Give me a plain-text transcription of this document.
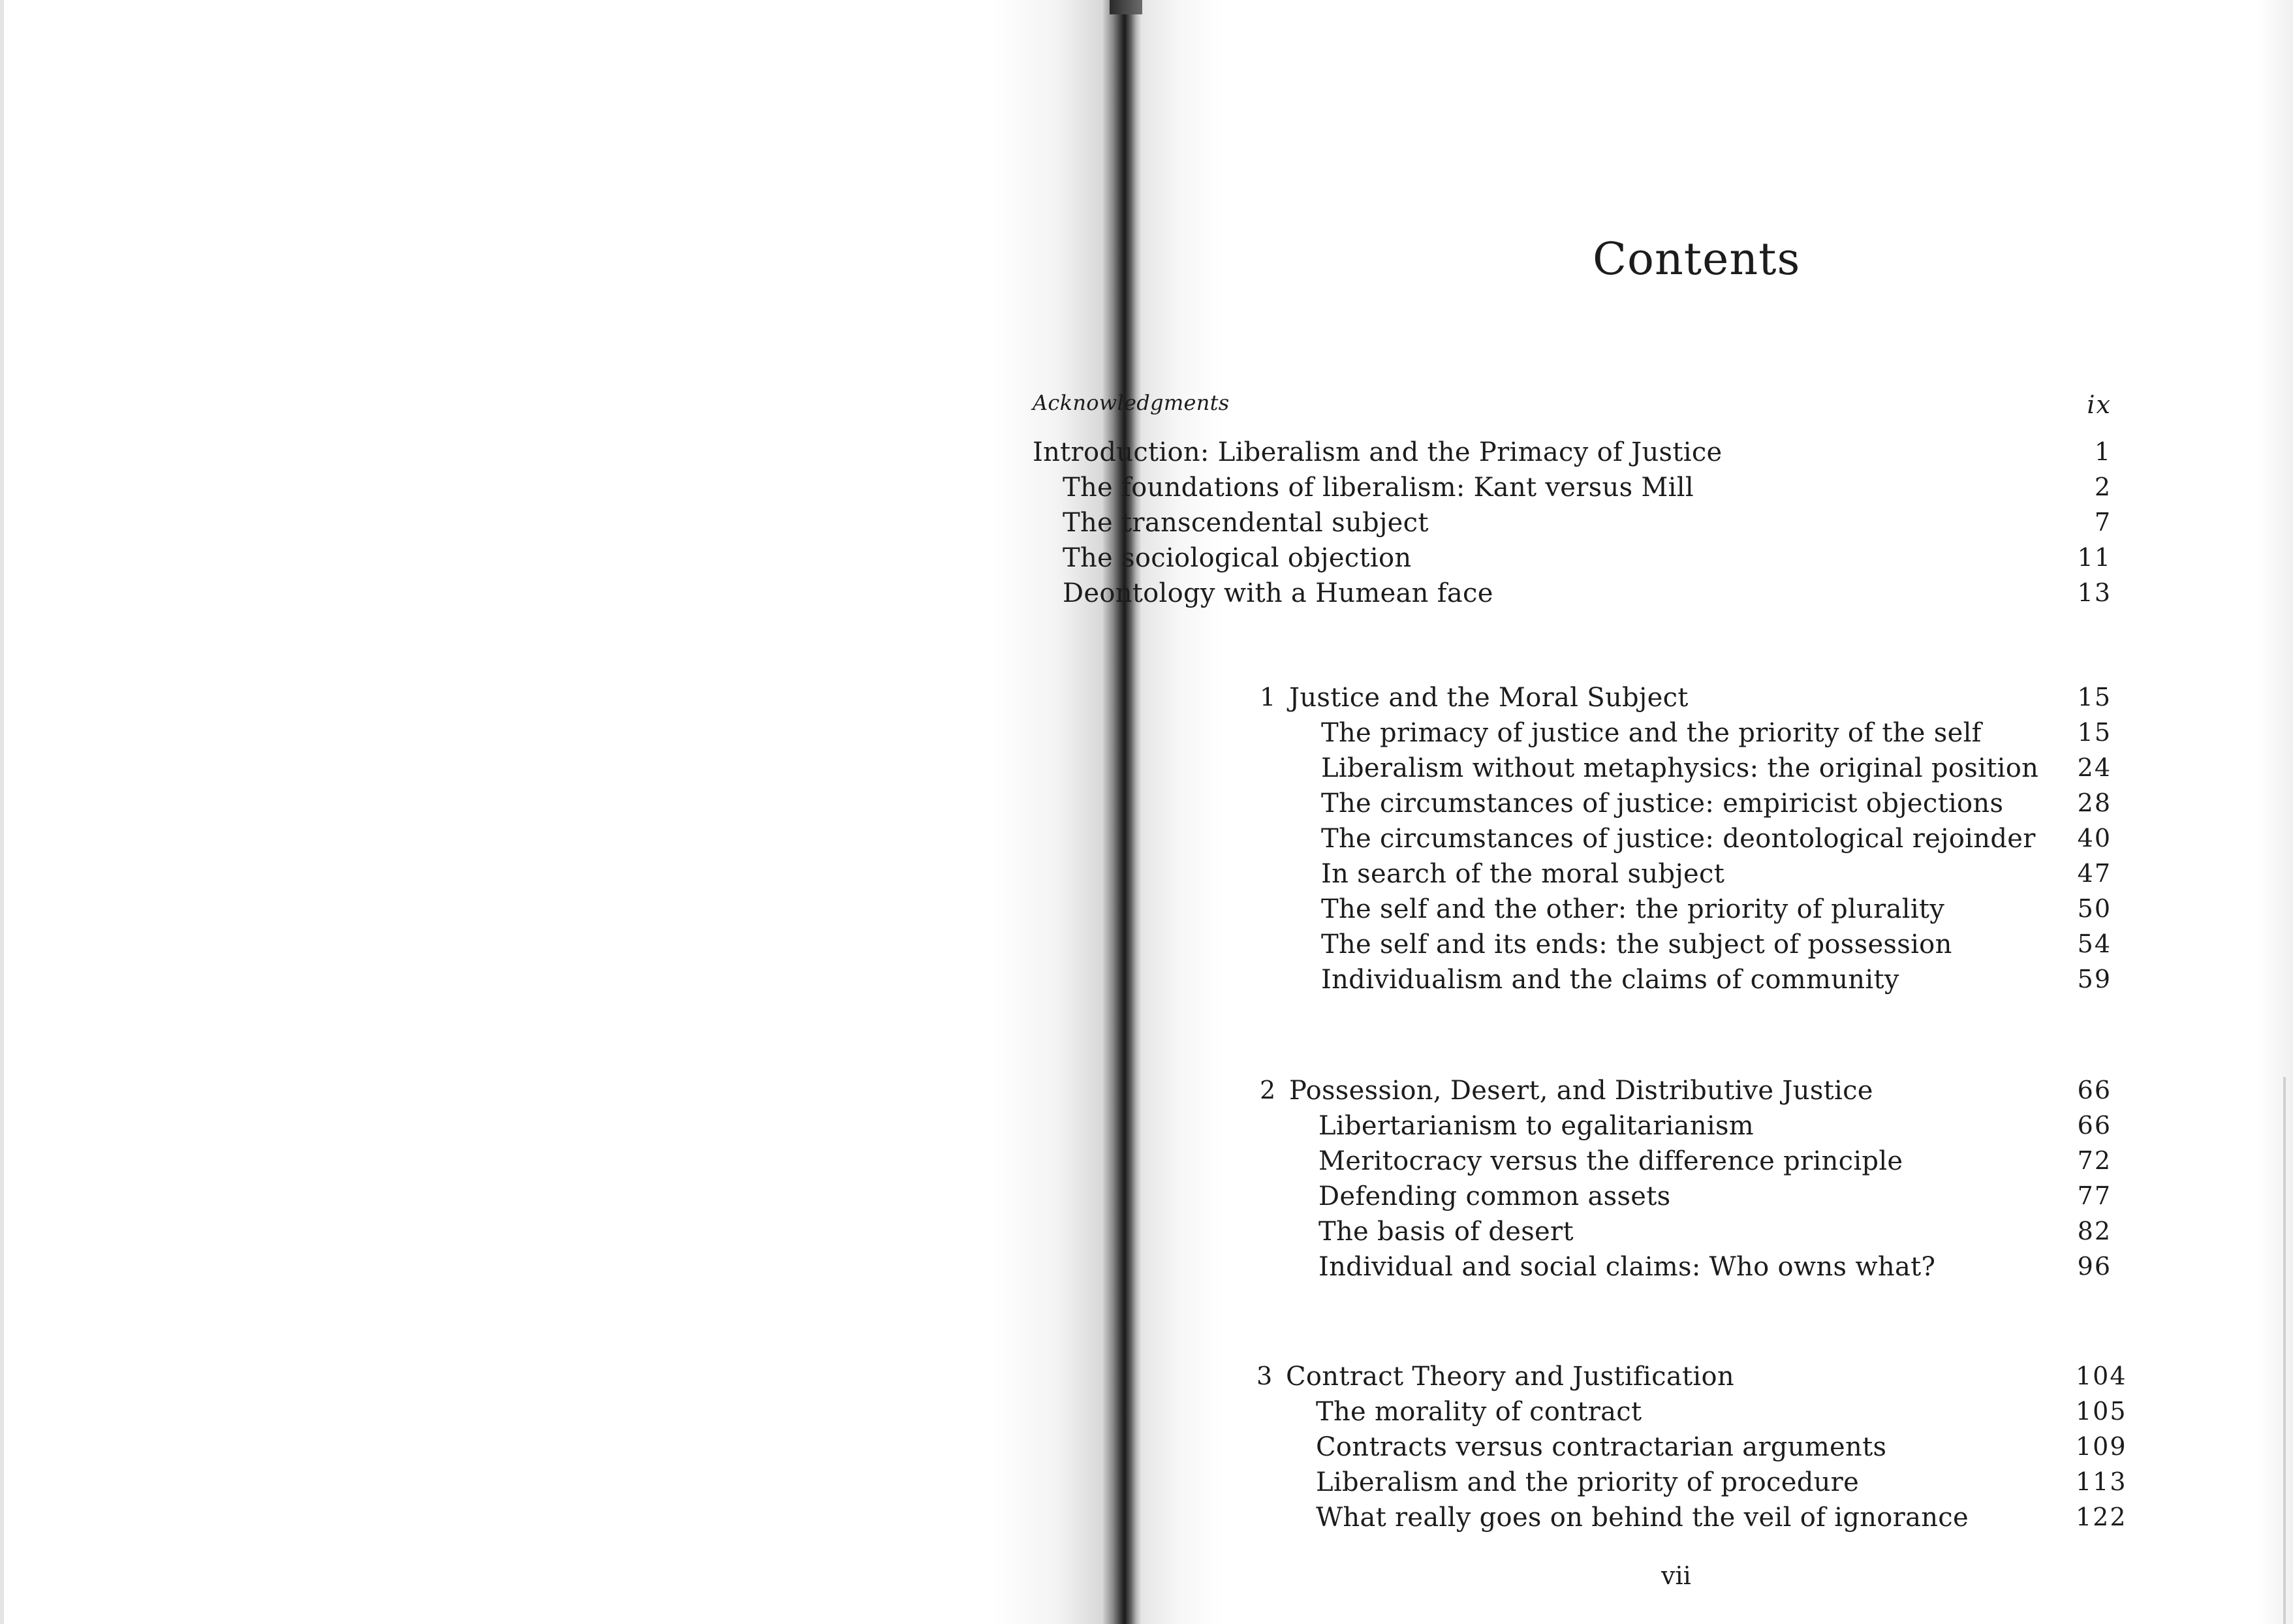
Contents
Acknowledgments	ix
Introduction: Liberalism and the Primacy of Justice	1
The foundations of liberalism: Kant versus Mill	2
The transcendental subject	7
The sociological objection	11
Deontology with a Humean face	13
1 Justice and the Moral Subject	15
The primacy of justice and the priority of the self	15
Liberalism without metaphysics: the original position 24
The circumstances of justice: empiricist objections	28
The circumstances of justice: deontological rejoinder 40
In search of the moral subject	47
The self and the other: the priority of plurality	50
The self and its ends: the subject of possession	54
Individualism and the claims of community	59
2 Possession, Desert, and Distributive Justice	66
Libertarianism to egalitarianism	66
Meritocracy versus the difference principle	72
Defending common assets	77
The basis of desert	82
Individual and social claims: Who owns what?	96
3 Contract Theory and Justification	104
The morality of contract	105
Contracts versus contractarian arguments	109
Liberalism and the priority of procedure	113
What really goes on behind the veil of ignorance	122
vii
